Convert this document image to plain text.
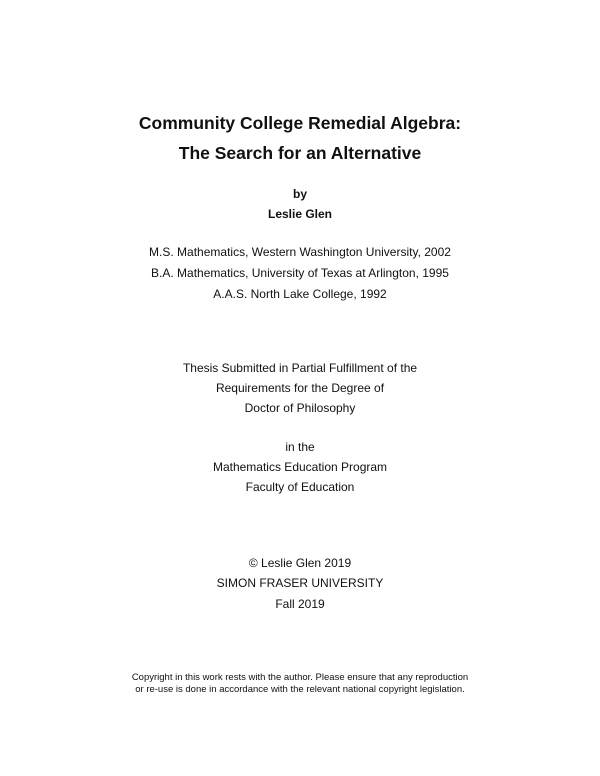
Community College Remedial Algebra:
The Search for an Alternative
by
Leslie Glen
M.S. Mathematics, Western Washington University, 2002
B.A. Mathematics, University of Texas at Arlington, 1995
A.A.S. North Lake College, 1992
Thesis Submitted in Partial Fulfillment of the
Requirements for the Degree of
Doctor of Philosophy
in the
Mathematics Education Program
Faculty of Education
© Leslie Glen 2019
SIMON FRASER UNIVERSITY
Fall 2019
Copyright in this work rests with the author. Please ensure that any reproduction
or re-use is done in accordance with the relevant national copyright legislation.
